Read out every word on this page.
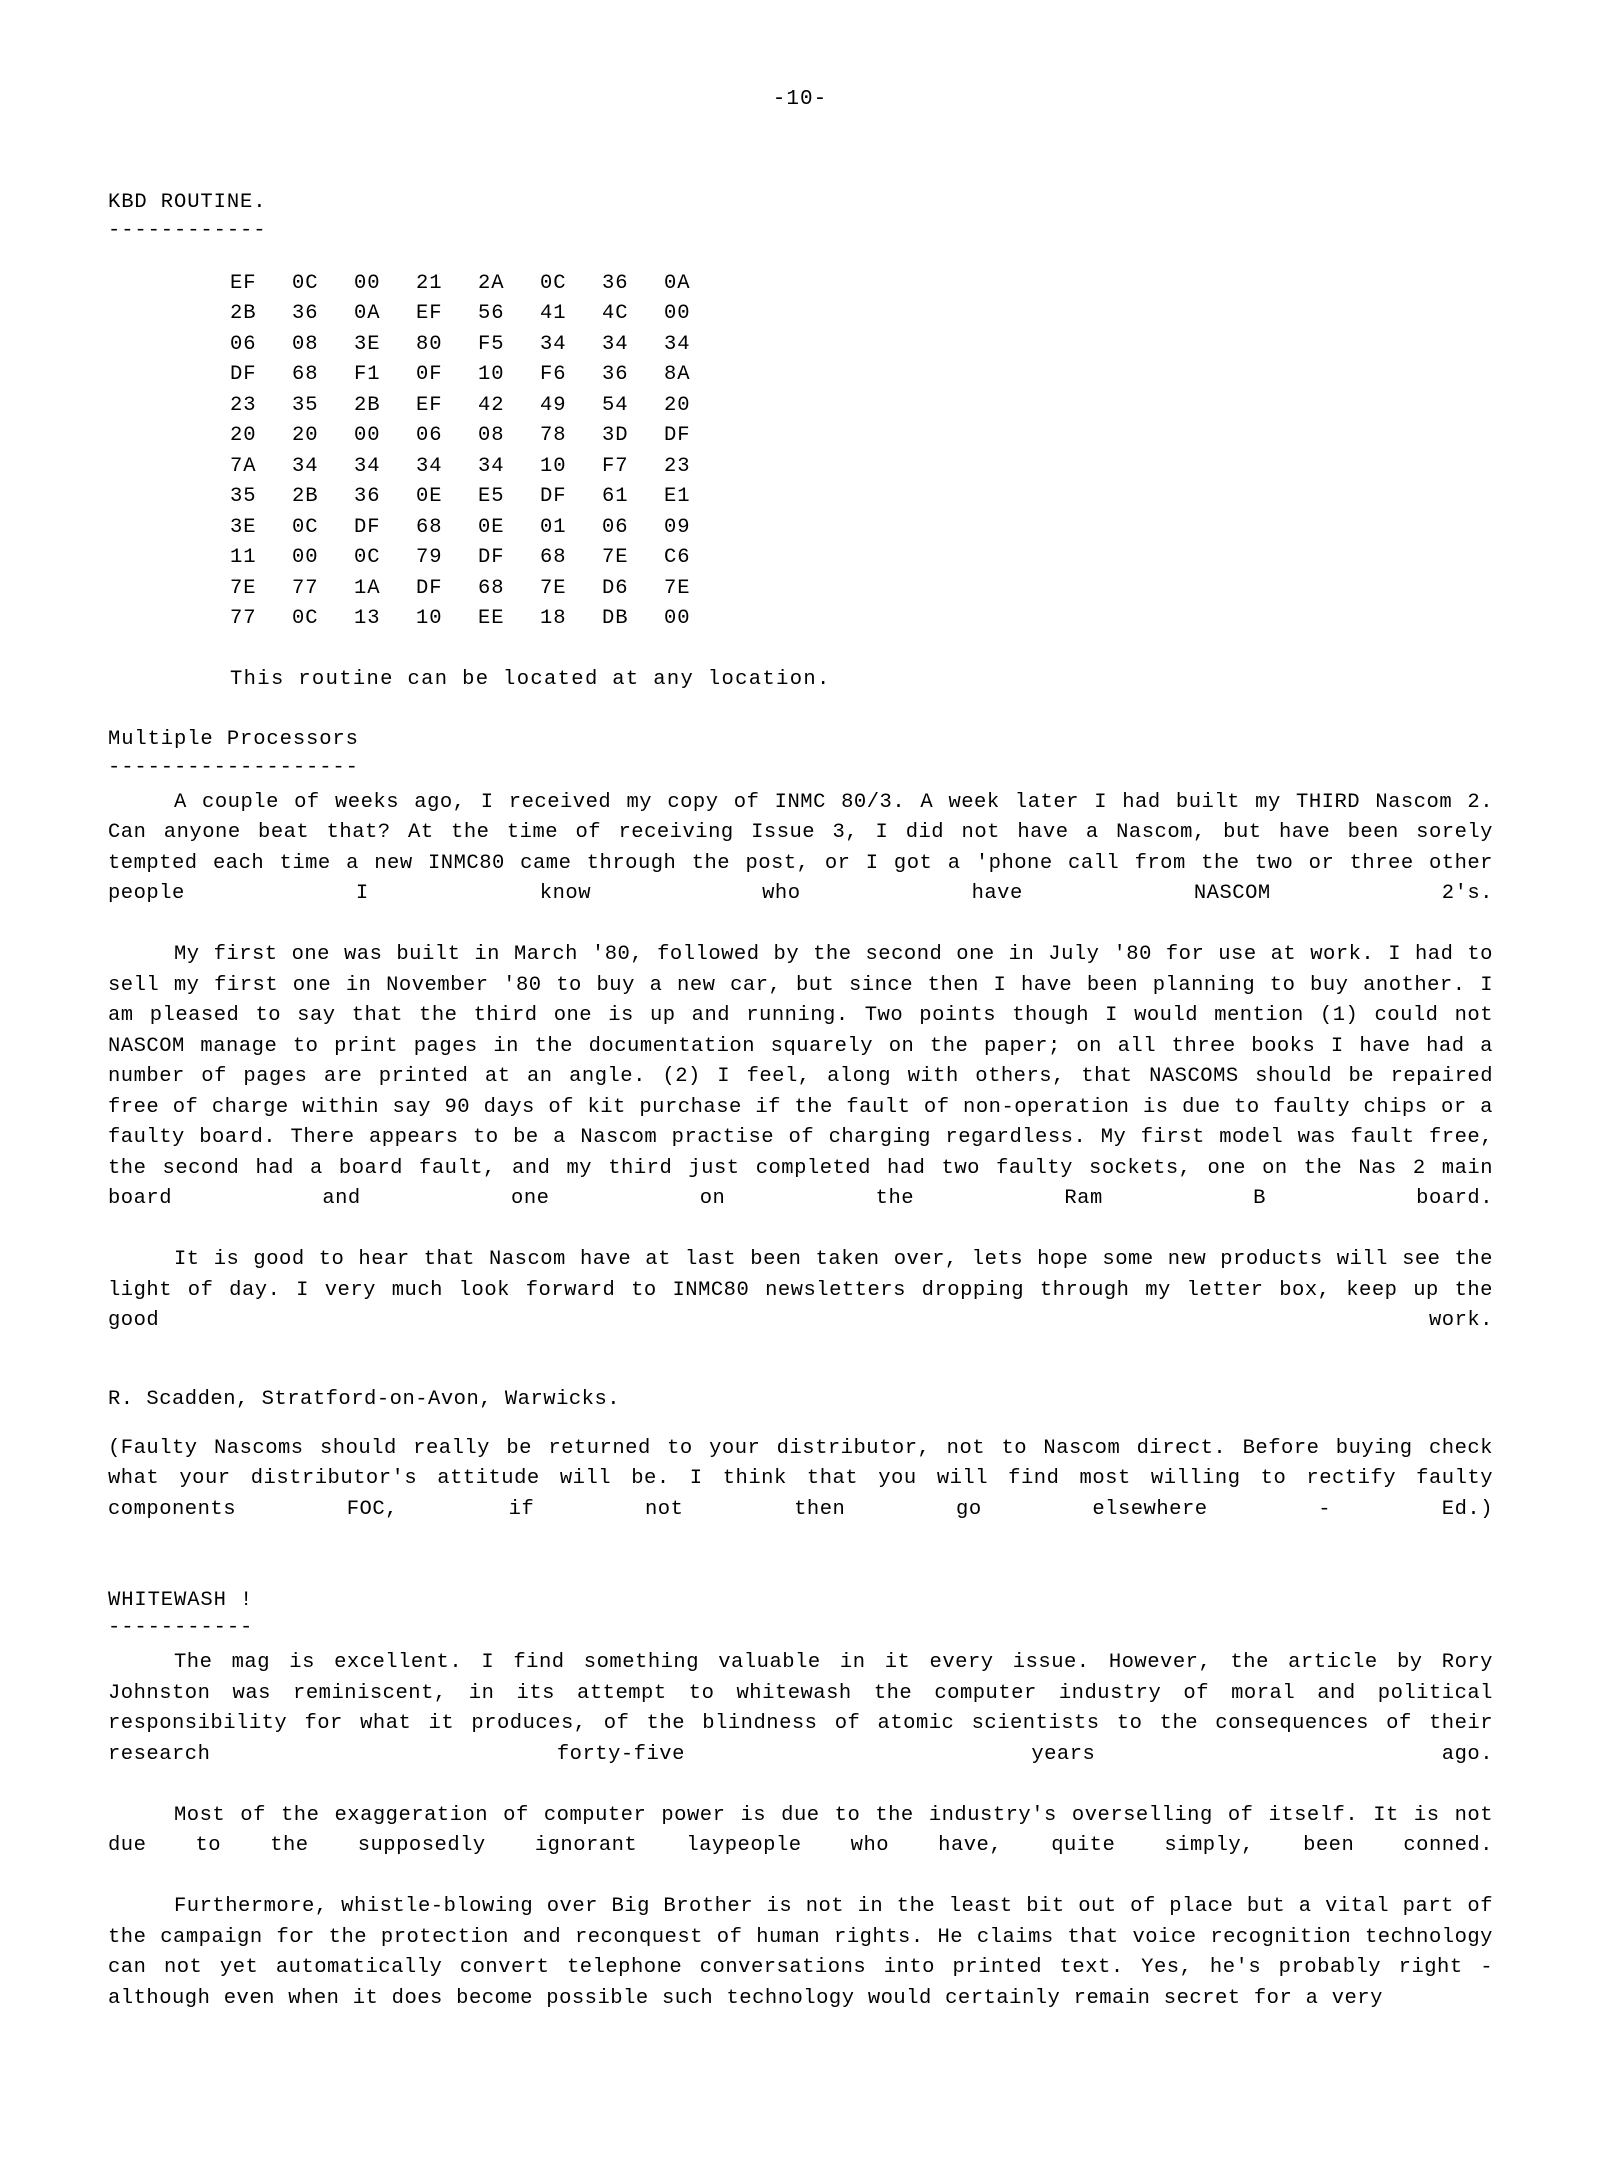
-10-

KBD ROUTINE.

------------

EF	0C	00	21	2A	0C	36	0A
2B	36	0A	EF	56	41	4C	00
06	08	3E	80	F5	34	34	34
DF	68	F1	0F	10	F6	36	8A
23	35	2B	EF	42	49	54	20
20	20	00	06	08	78	3D	DF
7A	34	34	34	34	10	F7	23
35	2B	36	0E	E5	DF	61	E1
3E	0C	DF	68	0E	01	06	09
11	00	0C	79	DF	68	7E	C6
7E	77	1A	DF	68	7E	D6	7E
77	0C	13	10	EE	18	DB	00

This routine can be located at any location.

Multiple Processors

-------------------

A couple of weeks ago, I received my copy of INMC 80/3. A week later I had built my THIRD Nascom 2. Can anyone beat that? At the time of receiving Issue 3, I did not have a Nascom, but have been sorely tempted each time a new INMC80 came through the post, or I got a 'phone call from the two or three other people I know who have NASCOM 2's.

My first one was built in March '80, followed by the second one in July '80 for use at work. I had to sell my first one in November '80 to buy a new car, but since then I have been planning to buy another. I am pleased to say that the third one is up and running. Two points though I would mention (1) could not NASCOM manage to print pages in the documentation squarely on the paper; on all three books I have had a number of pages are printed at an angle. (2) I feel, along with others, that NASCOMS should be repaired free of charge within say 90 days of kit purchase if the fault of non-operation is due to faulty chips or a faulty board. There appears to be a Nascom practise of charging regardless. My first model was fault free, the second had a board fault, and my third just completed had two faulty sockets, one on the Nas 2 main board and one on the Ram B board.

It is good to hear that Nascom have at last been taken over, lets hope some new products will see the light of day. I very much look forward to INMC80 newsletters dropping through my letter box, keep up the good work.

R. Scadden, Stratford-on-Avon, Warwicks.

(Faulty Nascoms should really be returned to your distributor, not to Nascom direct. Before buying check what your distributor's attitude will be. I think that you will find most willing to rectify faulty components FOC, if not then go elsewhere - Ed.)

WHITEWASH !

-----------

The mag is excellent. I find something valuable in it every issue. However, the article by Rory Johnston was reminiscent, in its attempt to whitewash the computer industry of moral and political responsibility for what it produces, of the blindness of atomic scientists to the consequences of their research forty-five years ago.

Most of the exaggeration of computer power is due to the industry's overselling of itself. It is not due to the supposedly ignorant laypeople who have, quite simply, been conned.

Furthermore, whistle-blowing over Big Brother is not in the least bit out of place but a vital part of the campaign for the protection and reconquest of human rights. He claims that voice recognition technology can not yet automatically convert telephone conversations into printed text. Yes, he's probably right - although even when it does become possible such technology would certainly remain secret for a very
